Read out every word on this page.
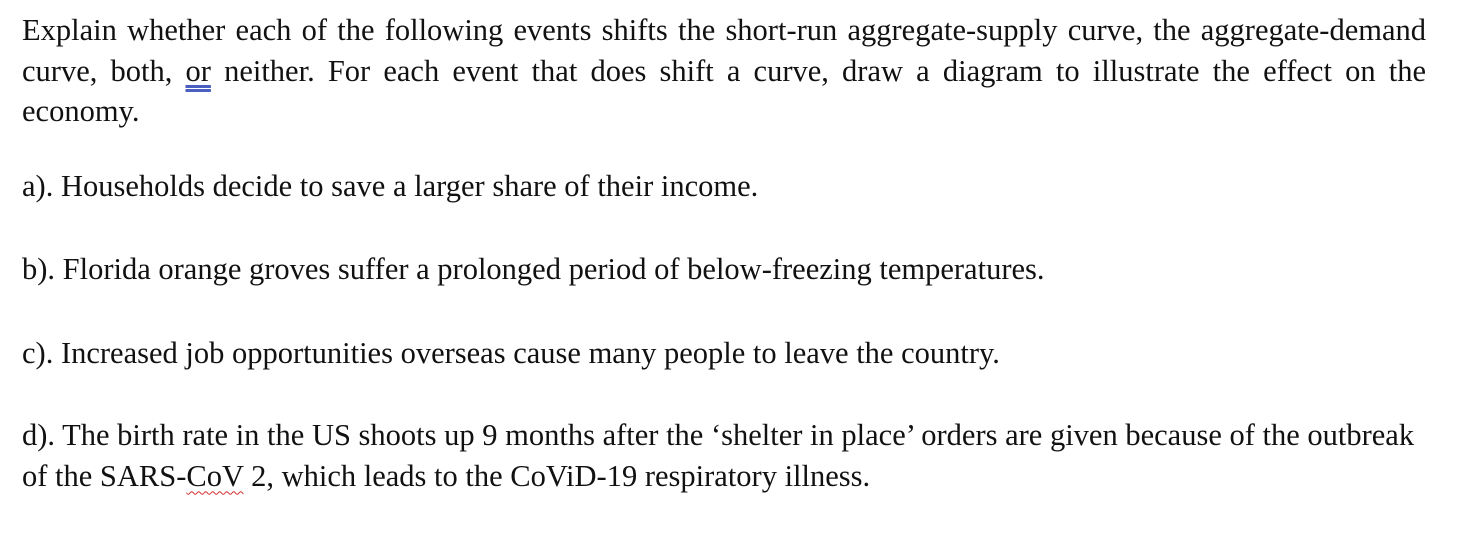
Explain whether each of the following events shifts the short-run aggregate-supply curve, the aggregate-demand curve, both, or neither. For each event that does shift a curve, draw a diagram to illustrate the effect on the economy.

a). Households decide to save a larger share of their income.

b). Florida orange groves suffer a prolonged period of below-freezing temperatures.

c). Increased job opportunities overseas cause many people to leave the country.

d). The birth rate in the US shoots up 9 months after the ‘shelter in place’ orders are given because of the outbreak of the SARS-CoV 2, which leads to the CoViD-19 respiratory illness.
